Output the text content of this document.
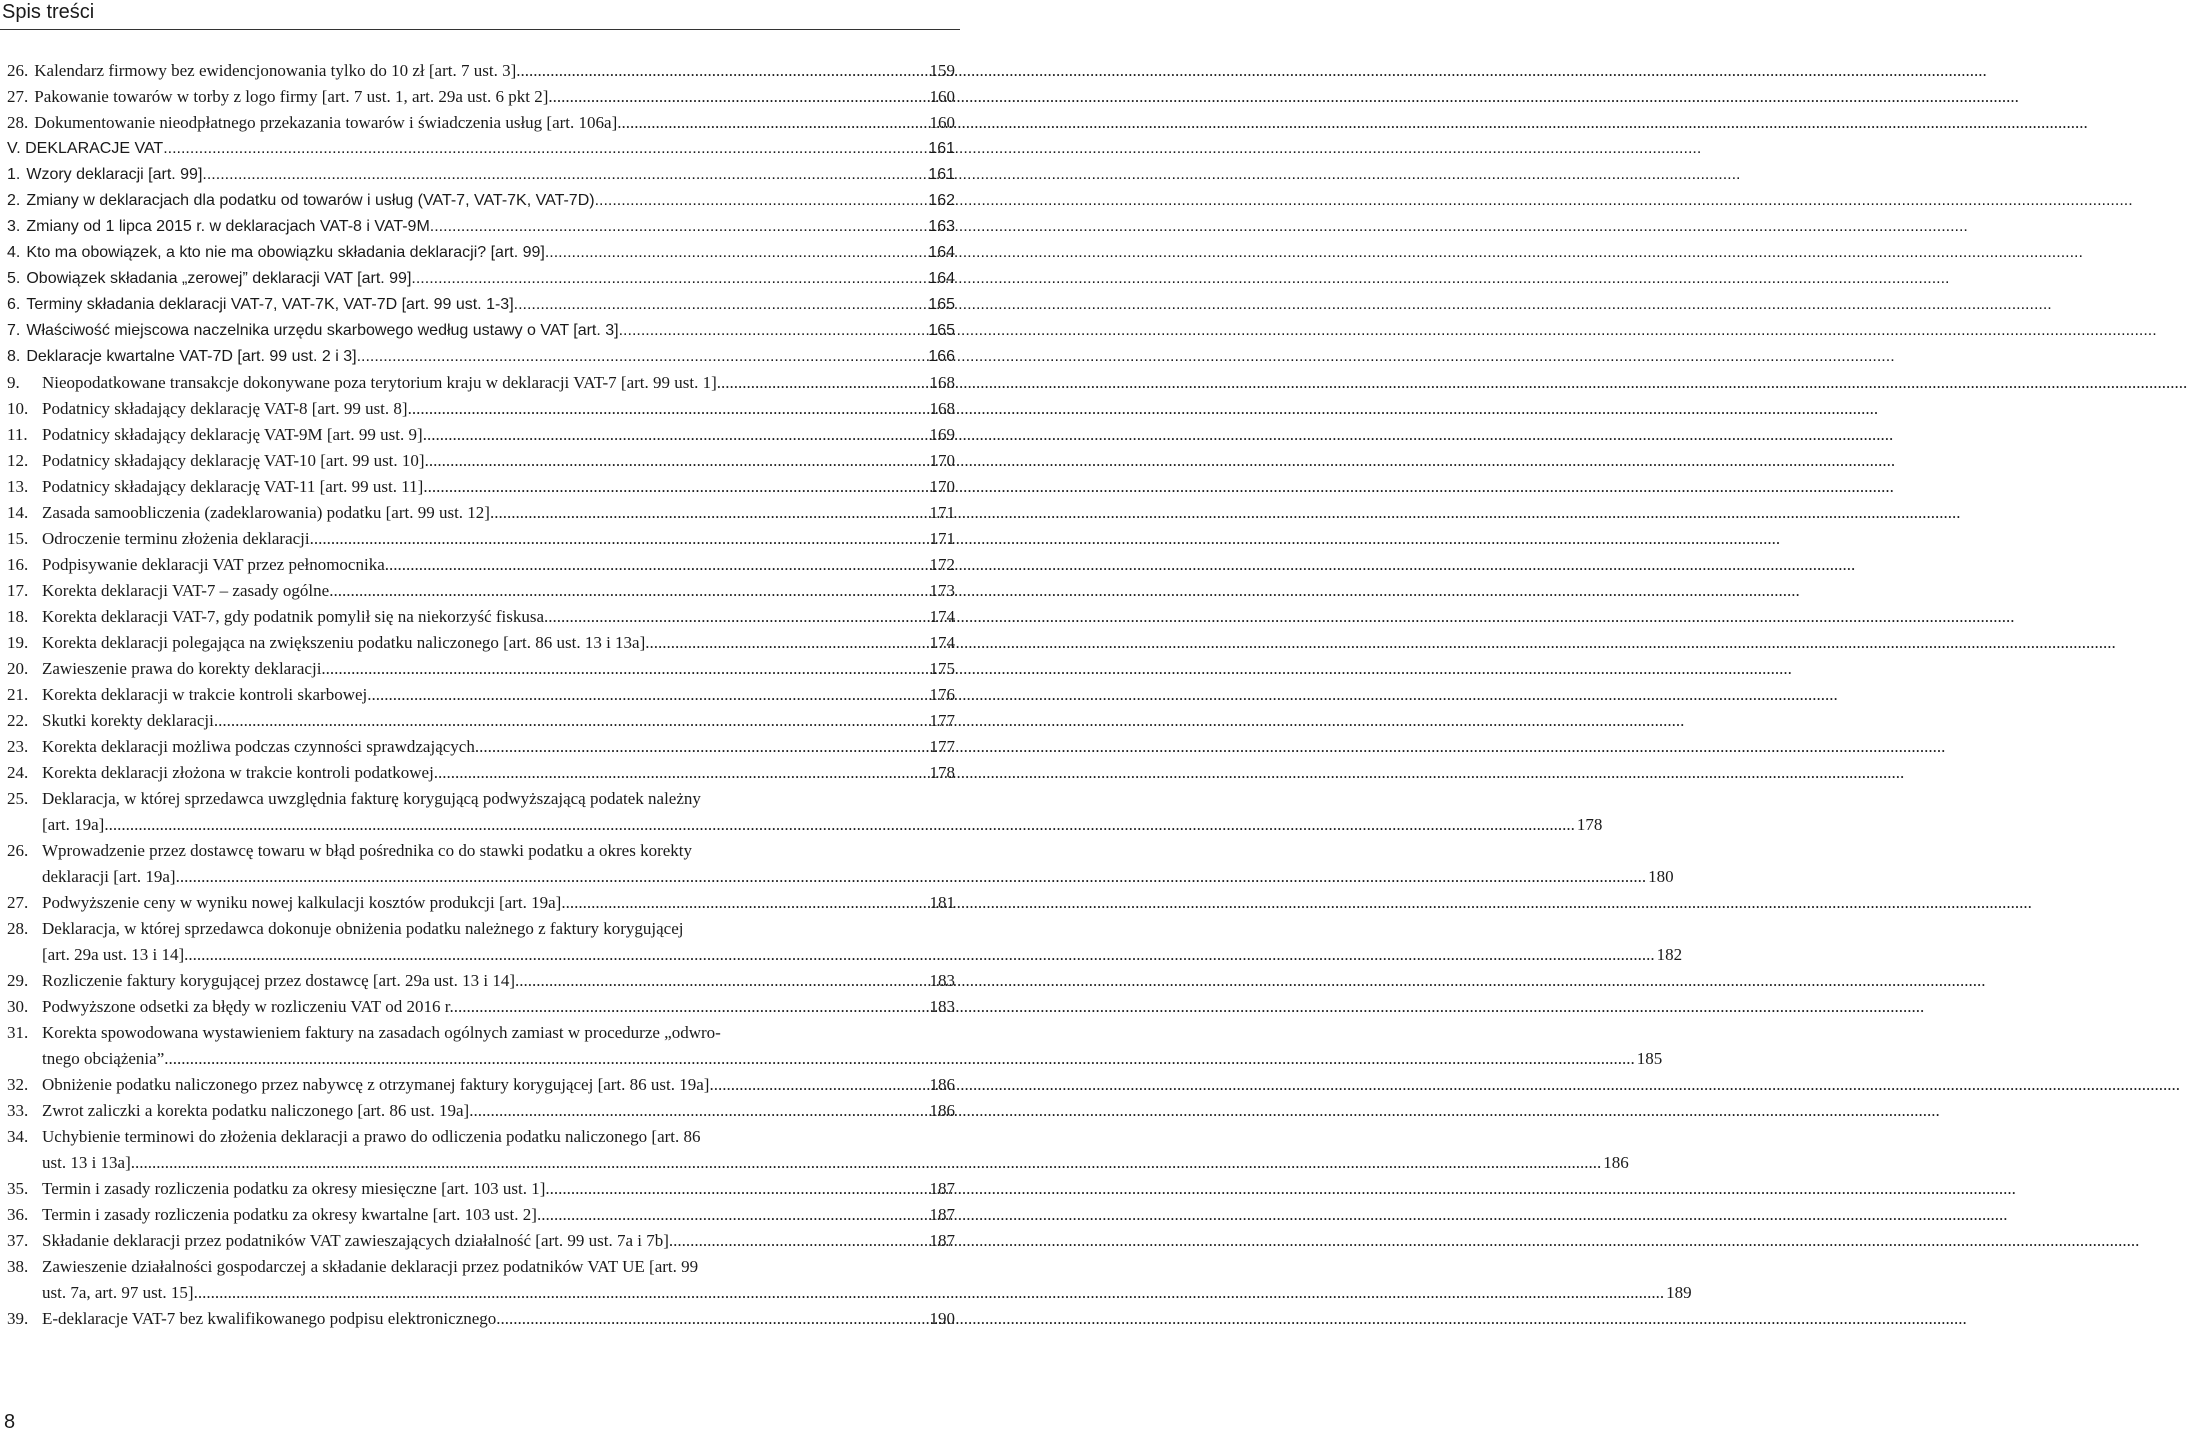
Spis treści
26. Kalendarz firmowy bez ewidencjonowania tylko do 10 zł [art. 7 ust. 3] .....	159
27. Pakowanie towarów w torby z logo firmy [art. 7 ust. 1, art. 29a ust. 6 pkt 2] .....	160
28. Dokumentowanie nieodpłatnego przekazania towarów i świadczenia usług [art. 106a] .....	160
V. DEKLARACJE VAT .....	161
1. Wzory deklaracji [art. 99] .....	161
2. Zmiany w deklaracjach dla podatku od towarów i usług (VAT-7, VAT-7K, VAT-7D) .....	162
3. Zmiany od 1 lipca 2015 r. w deklaracjach VAT-8 i VAT-9M .....	163
4. Kto ma obowiązek, a kto nie ma obowiązku składania deklaracji? [art. 99] .....	164
5. Obowiązek składania „zerowej” deklaracji VAT [art. 99] .....	164
6. Terminy składania deklaracji VAT-7, VAT-7K, VAT-7D [art. 99 ust. 1-3] .....	165
7. Właściwość miejscowa naczelnika urzędu skarbowego według ustawy o VAT [art. 3] .....	165
8. Deklaracje kwartalne VAT-7D [art. 99 ust. 2 i 3] .....	166
9.	Nieopodatkowane transakcje dokonywane poza terytorium kraju w deklaracji VAT-7 [art. 99 ust. 1] .....	168
10. Podatnicy składający deklarację VAT-8 [art. 99 ust. 8] .....	168
11. Podatnicy składający deklarację VAT-9M [art. 99 ust. 9] .....	169
12. Podatnicy składający deklarację VAT-10 [art. 99 ust. 10] .....	170
13. Podatnicy składający deklarację VAT-11 [art. 99 ust. 11] .....	170
14. Zasada samoobliczenia (zadeklarowania) podatku [art. 99 ust. 12] .....	171
15. Odroczenie terminu złożenia deklaracji .....	171
16. Podpisywanie deklaracji VAT przez pełnomocnika .....	172
17. Korekta deklaracji VAT-7 – zasady ogólne .....	173
18. Korekta deklaracji VAT-7, gdy podatnik pomylił się na niekorzyść fiskusa .....	174
19. Korekta deklaracji polegająca na zwiększeniu podatku naliczonego [art. 86 ust. 13 i 13a] .....	174
20. Zawieszenie prawa do korekty deklaracji .....	175
21. Korekta deklaracji w trakcie kontroli skarbowej .....	176
22. Skutki korekty deklaracji .....	177
23. Korekta deklaracji możliwa podczas czynności sprawdzających .....	177
24. Korekta deklaracji złożona w trakcie kontroli podatkowej .....	178
25. Deklaracja, w której sprzedawca uwzględnia fakturę korygującą podwyższającą podatek należny
[art. 19a] .....	178
26. Wprowadzenie przez dostawcę towaru w błąd pośrednika co do stawki podatku a okres korekty
deklaracji [art. 19a] .....	180
27. Podwyższenie ceny w wyniku nowej kalkulacji kosztów produkcji [art. 19a] .....	181
28. Deklaracja, w której sprzedawca dokonuje obniżenia podatku należnego z faktury korygującej
[art. 29a ust. 13 i 14] .....	182
29. Rozliczenie faktury korygującej przez dostawcę [art. 29a ust. 13 i 14] .....	183
30. Podwyższone odsetki za błędy w rozliczeniu VAT od 2016 r. .....	183
31. Korekta spowodowana wystawieniem faktury na zasadach ogólnych zamiast w procedurze „odwro-
tnego obciążenia” .....	185
32. Obniżenie podatku naliczonego przez nabywcę z otrzymanej faktury korygującej [art. 86 ust. 19a] .....	186
33. Zwrot zaliczki a korekta podatku naliczonego [art. 86 ust. 19a] .....	186
34. Uchybienie terminowi do złożenia deklaracji a prawo do odliczenia podatku naliczonego [art. 86
ust. 13 i 13a] .....	186
35. Termin i zasady rozliczenia podatku za okresy miesięczne [art. 103 ust. 1] .....	187
36. Termin i zasady rozliczenia podatku za okresy kwartalne [art. 103 ust. 2] .....	187
37. Składanie deklaracji przez podatników VAT zawieszających działalność [art. 99 ust. 7a i 7b] .....	187
38. Zawieszenie działalności gospodarczej a składanie deklaracji przez podatników VAT UE [art. 99
ust. 7a, art. 97 ust. 15] .....	189
39. E-deklaracje VAT-7 bez kwalifikowanego podpisu elektronicznego .....	190
8
